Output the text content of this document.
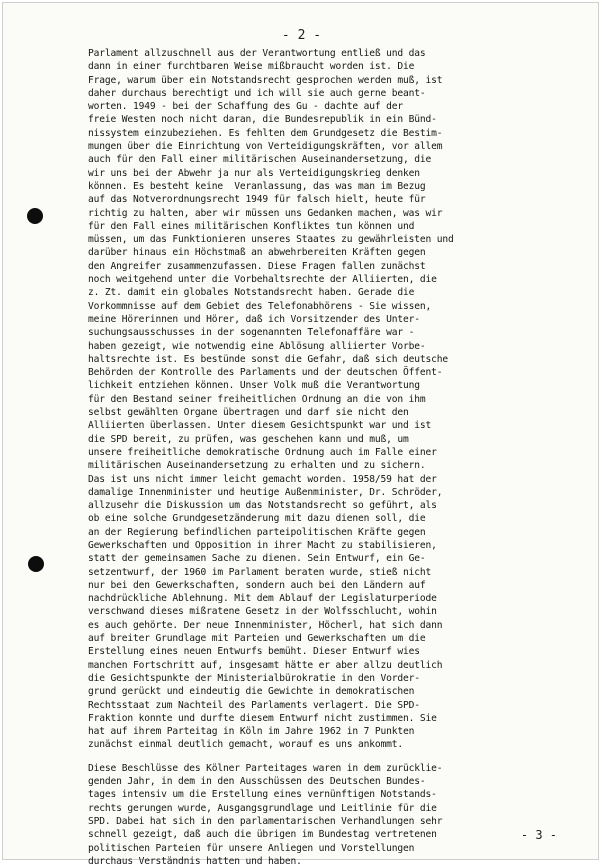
- 2 -
Parlament allzuschnell aus der Verantwortung entließ und das
dann in einer furchtbaren Weise mißbraucht worden ist. Die
Frage, warum über ein Notstandsrecht gesprochen werden muß, ist
daher durchaus berechtigt und ich will sie auch gerne beant-
worten. 1949 - bei der Schaffung des Gu - dachte auf der
freie Westen noch nicht daran, die Bundesrepublik in ein Bünd-
nissystem einzubeziehen. Es fehlten dem Grundgesetz die Bestim-
mungen über die Einrichtung von Verteidigungskräften, vor allem
auch für den Fall einer militärischen Auseinandersetzung, die
wir uns bei der Abwehr ja nur als Verteidigungskrieg denken
können. Es besteht keine  Veranlassung, das was man im Bezug
auf das Notverordnungsrecht 1949 für falsch hielt, heute für
richtig zu halten, aber wir müssen uns Gedanken machen, was wir
für den Fall eines militärischen Konfliktes tun können und
müssen, um das Funktionieren unseres Staates zu gewährleisten und
darüber hinaus ein Höchstmaß an abwehrbereiten Kräften gegen
den Angreifer zusammenzufassen. Diese Fragen fallen zunächst
noch weitgehend unter die Vorbehaltsrechte der Alliierten, die
z. Zt. damit ein globales Notstandsrecht haben. Gerade die
Vorkommnisse auf dem Gebiet des Telefonabhörens - Sie wissen,
meine Hörerinnen und Hörer, daß ich Vorsitzender des Unter-
suchungsausschusses in der sogenannten Telefonaffäre war -
haben gezeigt, wie notwendig eine Ablösung alliierter Vorbe-
haltsrechte ist. Es bestünde sonst die Gefahr, daß sich deutsche
Behörden der Kontrolle des Parlaments und der deutschen Öffent-
lichkeit entziehen können. Unser Volk muß die Verantwortung
für den Bestand seiner freiheitlichen Ordnung an die von ihm
selbst gewählten Organe übertragen und darf sie nicht den
Alliierten überlassen. Unter diesem Gesichtspunkt war und ist
die SPD bereit, zu prüfen, was geschehen kann und muß, um
unsere freiheitliche demokratische Ordnung auch im Falle einer
militärischen Auseinandersetzung zu erhalten und zu sichern.
Das ist uns nicht immer leicht gemacht worden. 1958/59 hat der
damalige Innenminister und heutige Außenminister, Dr. Schröder,
allzusehr die Diskussion um das Notstandsrecht so geführt, als
ob eine solche Grundgesetzänderung mit dazu dienen soll, die
an der Regierung befindlichen parteipolitischen Kräfte gegen
Gewerkschaften und Opposition in ihrer Macht zu stabilisieren,
statt der gemeinsamen Sache zu dienen. Sein Entwurf, ein Ge-
setzentwurf, der 1960 im Parlament beraten wurde, stieß nicht
nur bei den Gewerkschaften, sondern auch bei den Ländern auf
nachdrückliche Ablehnung. Mit dem Ablauf der Legislaturperiode
verschwand dieses mißratene Gesetz in der Wolfsschlucht, wohin
es auch gehörte. Der neue Innenminister, Höcherl, hat sich dann
auf breiter Grundlage mit Parteien und Gewerkschaften um die
Erstellung eines neuen Entwurfs bemüht. Dieser Entwurf wies
manchen Fortschritt auf, insgesamt hätte er aber allzu deutlich
die Gesichtspunkte der Ministerialbürokratie in den Vorder-
grund gerückt und eindeutig die Gewichte in demokratischen
Rechtsstaat zum Nachteil des Parlaments verlagert. Die SPD-
Fraktion konnte und durfte diesem Entwurf nicht zustimmen. Sie
hat auf ihrem Parteitag in Köln im Jahre 1962 in 7 Punkten
zunächst einmal deutlich gemacht, worauf es uns ankommt.
Diese Beschlüsse des Kölner Parteitages waren in dem zurücklie-
genden Jahr, in dem in den Ausschüssen des Deutschen Bundes-
tages intensiv um die Erstellung eines vernünftigen Notstands-
rechts gerungen wurde, Ausgangsgrundlage und Leitlinie für die
SPD. Dabei hat sich in den parlamentarischen Verhandlungen sehr
schnell gezeigt, daß auch die übrigen im Bundestag vertretenen
politischen Parteien für unsere Anliegen und Vorstellungen
durchaus Verständnis hatten und haben.
- 3 -
